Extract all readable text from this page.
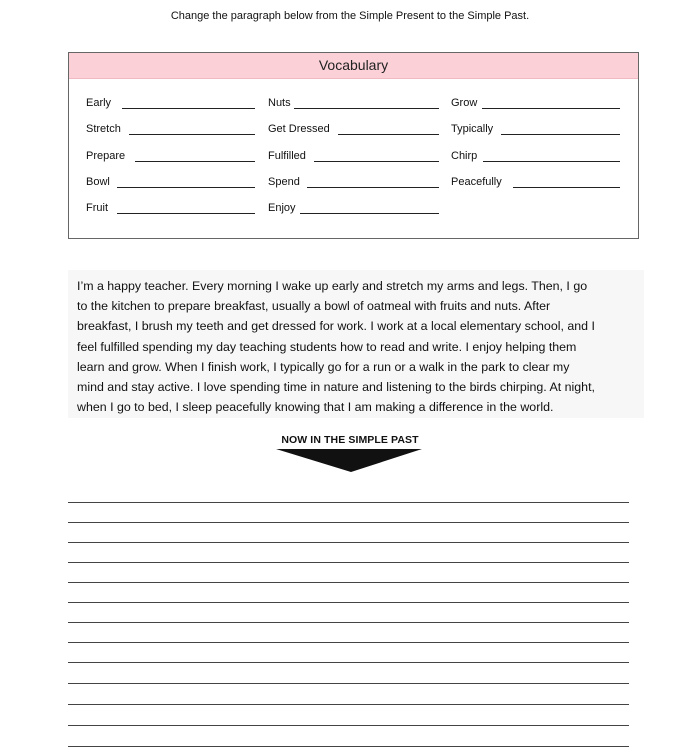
Change the paragraph below from the Simple Present to the Simple Past.
Vocabulary
Early	Nuts	Grow
Stretch	Get Dressed	Typically
Prepare	Fulfilled	Chirp
Bowl	Spend	Peacefully
Fruit	Enjoy
I’m a happy teacher. Every morning I wake up early and stretch my arms and legs. Then, I go
to the kitchen to prepare breakfast, usually a bowl of oatmeal with fruits and nuts. After
breakfast, I brush my teeth and get dressed for work. I work at a local elementary school, and I
feel fulfilled spending my day teaching students how to read and write. I enjoy helping them
learn and grow. When I finish work, I typically go for a run or a walk in the park to clear my
mind and stay active. I love spending time in nature and listening to the birds chirping. At night,
when I go to bed, I sleep peacefully knowing that I am making a difference in the world.
NOW IN THE SIMPLE PAST
